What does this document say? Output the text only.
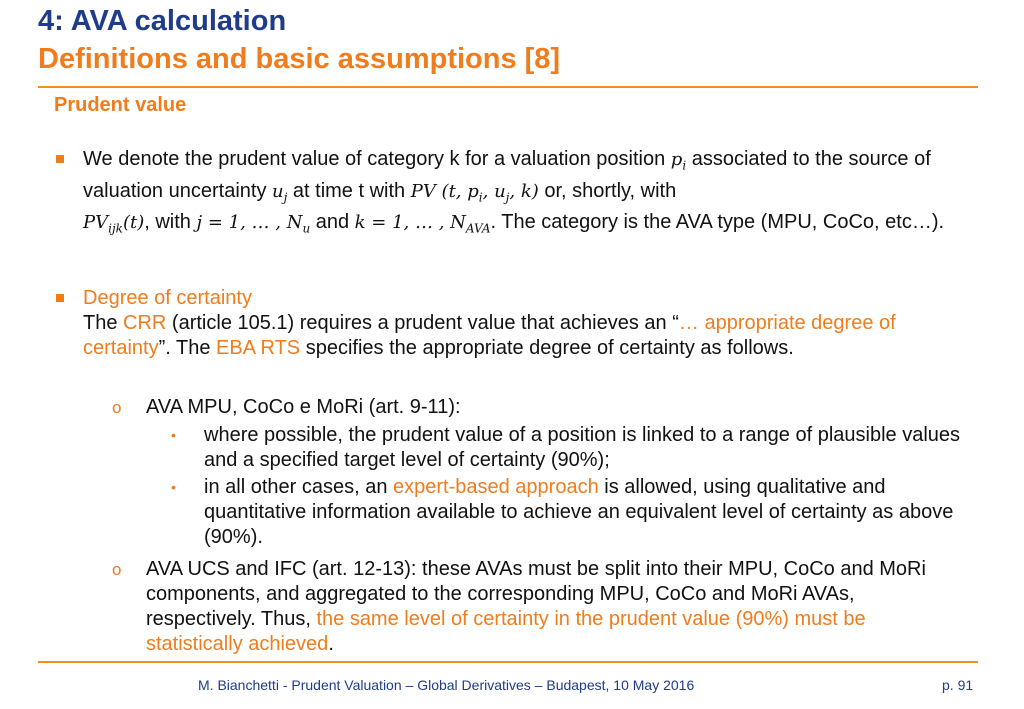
4: AVA calculation
Definitions and basic assumptions [8]
Prudent value
We denote the prudent value of category k for a valuation position $p_i$ associated to the source of valuation uncertainty $u_j$ at time t with PV (t, $p_i$, $u_j$, k) or, shortly, with
$PV_{ijk}(t)$, with j = 1, … , $N_u$ and k = 1, … , $N_{AVA}$. The category is the AVA type (MPU, CoCo, etc…).
Degree of certainty
The CRR (article 105.1) requires a prudent value that achieves an “… appropriate degree of certainty”. The EBA RTS specifies the appropriate degree of certainty as follows.
o AVA MPU, CoCo e MoRi (art. 9-11):
• where possible, the prudent value of a position is linked to a range of plausible values and a specified target level of certainty (90%);
• in all other cases, an expert-based approach is allowed, using qualitative and quantitative information available to achieve an equivalent level of certainty as above (90%).
o AVA UCS and IFC (art. 12-13): these AVAs must be split into their MPU, CoCo and MoRi components, and aggregated to the corresponding MPU, CoCo and MoRi AVAs, respectively. Thus, the same level of certainty in the prudent value (90%) must be statistically achieved.
M. Bianchetti - Prudent Valuation – Global Derivatives – Budapest, 10 May 2016	p. 91
